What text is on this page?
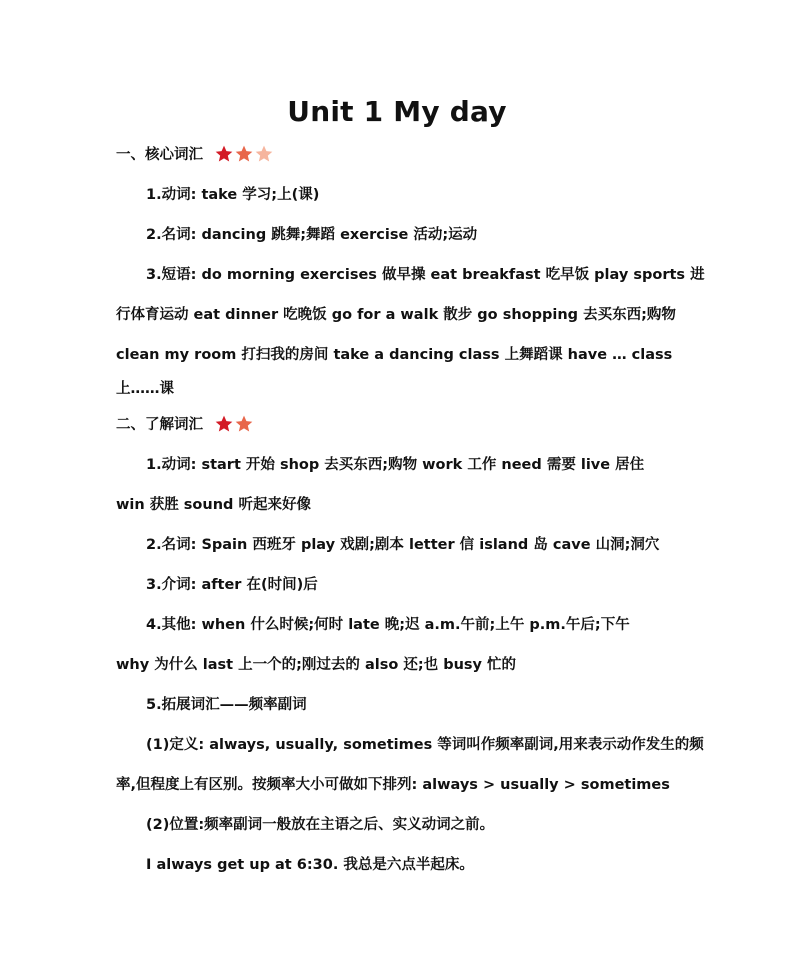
Unit 1 My day
一、核心词汇
1.动词: take 学习;上(课)
2.名词: dancing 跳舞;舞蹈 exercise 活动;运动
3.短语: do morning exercises 做早操 eat breakfast 吃早饭 play sports 进
行体育运动 eat dinner 吃晚饭 go for a walk 散步 go shopping 去买东西;购物
clean my room 打扫我的房间 take a dancing class 上舞蹈课 have … class
上……课
二、了解词汇
1.动词: start 开始 shop 去买东西;购物 work 工作 need 需要 live 居住
win 获胜 sound 听起来好像
2.名词: Spain 西班牙 play 戏剧;剧本 letter 信 island 岛 cave 山洞;洞穴
3.介词: after 在(时间)后
4.其他: when 什么时候;何时 late 晚;迟 a.m.午前;上午 p.m.午后;下午
why 为什么 last 上一个的;刚过去的 also 还;也 busy 忙的
5.拓展词汇——频率副词
(1)定义: always, usually, sometimes 等词叫作频率副词,用来表示动作发生的频
率,但程度上有区别。按频率大小可做如下排列: always > usually > sometimes
(2)位置:频率副词一般放在主语之后、实义动词之前。
I always get up at 6:30. 我总是六点半起床。
